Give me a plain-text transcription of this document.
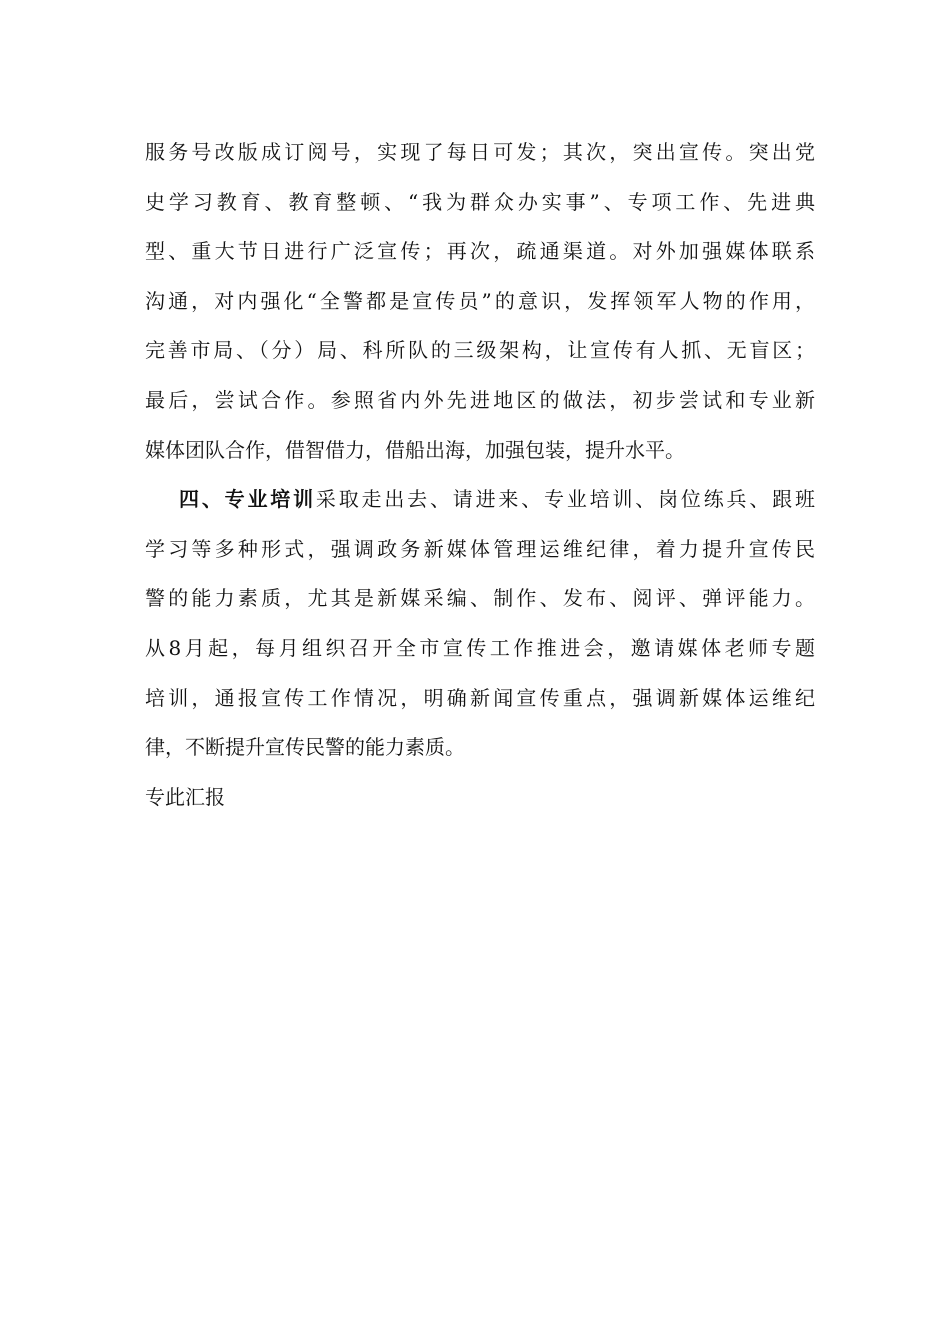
服务号改版成订阅号，实现了每日可发；其次，突出宣传。突出党
史学习教育、教育整顿、“我为群众办实事”、专项工作、先进典
型、重大节日进行广泛宣传；再次，疏通渠道。对外加强媒体联系
沟通，对内强化“全警都是宣传员”的意识，发挥领军人物的作用，
完善市局、（分）局、科所队的三级架构，让宣传有人抓、无盲区；
最后，尝试合作。参照省内外先进地区的做法，初步尝试和专业新
媒体团队合作，借智借力，借船出海，加强包装，提升水平。
四、专业培训采取走出去、请进来、专业培训、岗位练兵、跟班
学习等多种形式，强调政务新媒体管理运维纪律，着力提升宣传民
警的能力素质，尤其是新媒采编、制作、发布、阅评、弹评能力。
从8月起，每月组织召开全市宣传工作推进会，邀请媒体老师专题
培训，通报宣传工作情况，明确新闻宣传重点，强调新媒体运维纪
律，不断提升宣传民警的能力素质。
专此汇报
